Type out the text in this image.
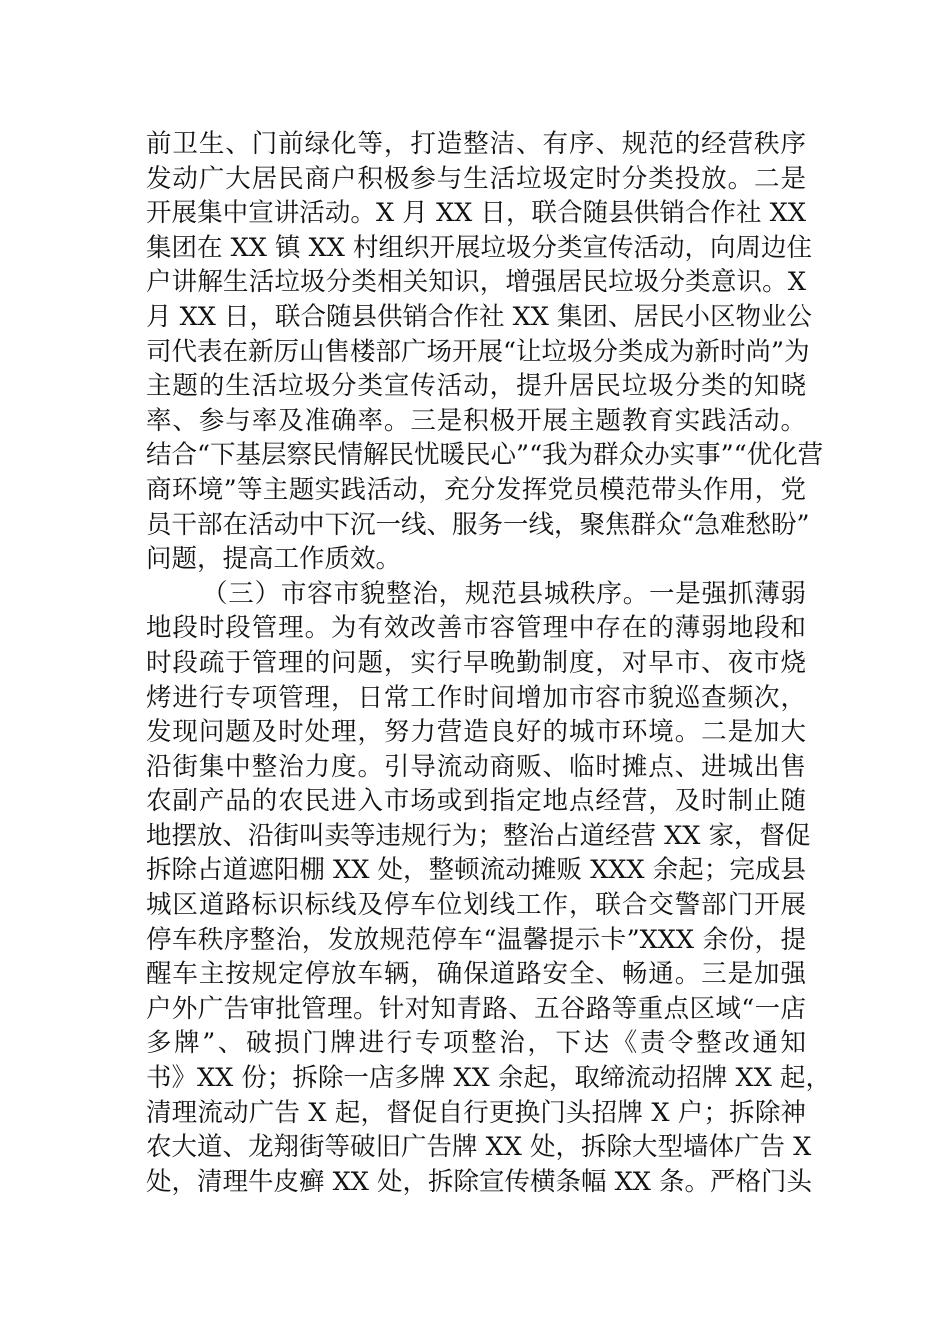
前卫生、门前绿化等，打造整洁、有序、规范的经营秩序
发动广大居民商户积极参与生活垃圾定时分类投放。二是
开展集中宣讲活动。X 月 XX 日，联合随县供销合作社 XX
集团在 XX 镇 XX 村组织开展垃圾分类宣传活动，向周边住
户讲解生活垃圾分类相关知识，增强居民垃圾分类意识。X
月 XX 日，联合随县供销合作社 XX 集团、居民小区物业公
司代表在新厉山售楼部广场开展“让垃圾分类成为新时尚”为
主题的生活垃圾分类宣传活动，提升居民垃圾分类的知晓
率、参与率及准确率。三是积极开展主题教育实践活动。
结合“下基层察民情解民忧暖民心”“我为群众办实事”“优化营
商环境”等主题实践活动，充分发挥党员模范带头作用，党
员干部在活动中下沉一线、服务一线，聚焦群众“急难愁盼”
问题，提高工作质效。
（三）市容市貌整治，规范县城秩序。一是强抓薄弱
地段时段管理。为有效改善市容管理中存在的薄弱地段和
时段疏于管理的问题，实行早晚勤制度，对早市、夜市烧
烤进行专项管理，日常工作时间增加市容市貌巡查频次，
发现问题及时处理，努力营造良好的城市环境。二是加大
沿街集中整治力度。引导流动商贩、临时摊点、进城出售
农副产品的农民进入市场或到指定地点经营，及时制止随
地摆放、沿街叫卖等违规行为；整治占道经营 XX 家，督促
拆除占道遮阳棚 XX 处，整顿流动摊贩 XXX 余起；完成县
城区道路标识标线及停车位划线工作，联合交警部门开展
停车秩序整治，发放规范停车“温馨提示卡”XXX 余份，提
醒车主按规定停放车辆，确保道路安全、畅通。三是加强
户外广告审批管理。针对知青路、五谷路等重点区域“一店
多牌”、破损门牌进行专项整治，下达《责令整改通知
书》XX 份；拆除一店多牌 XX 余起，取缔流动招牌 XX 起，
清理流动广告 X 起，督促自行更换门头招牌 X 户；拆除神
农大道、龙翔街等破旧广告牌 XX 处，拆除大型墙体广告 X
处，清理牛皮癣 XX 处，拆除宣传横条幅 XX 条。严格门头
